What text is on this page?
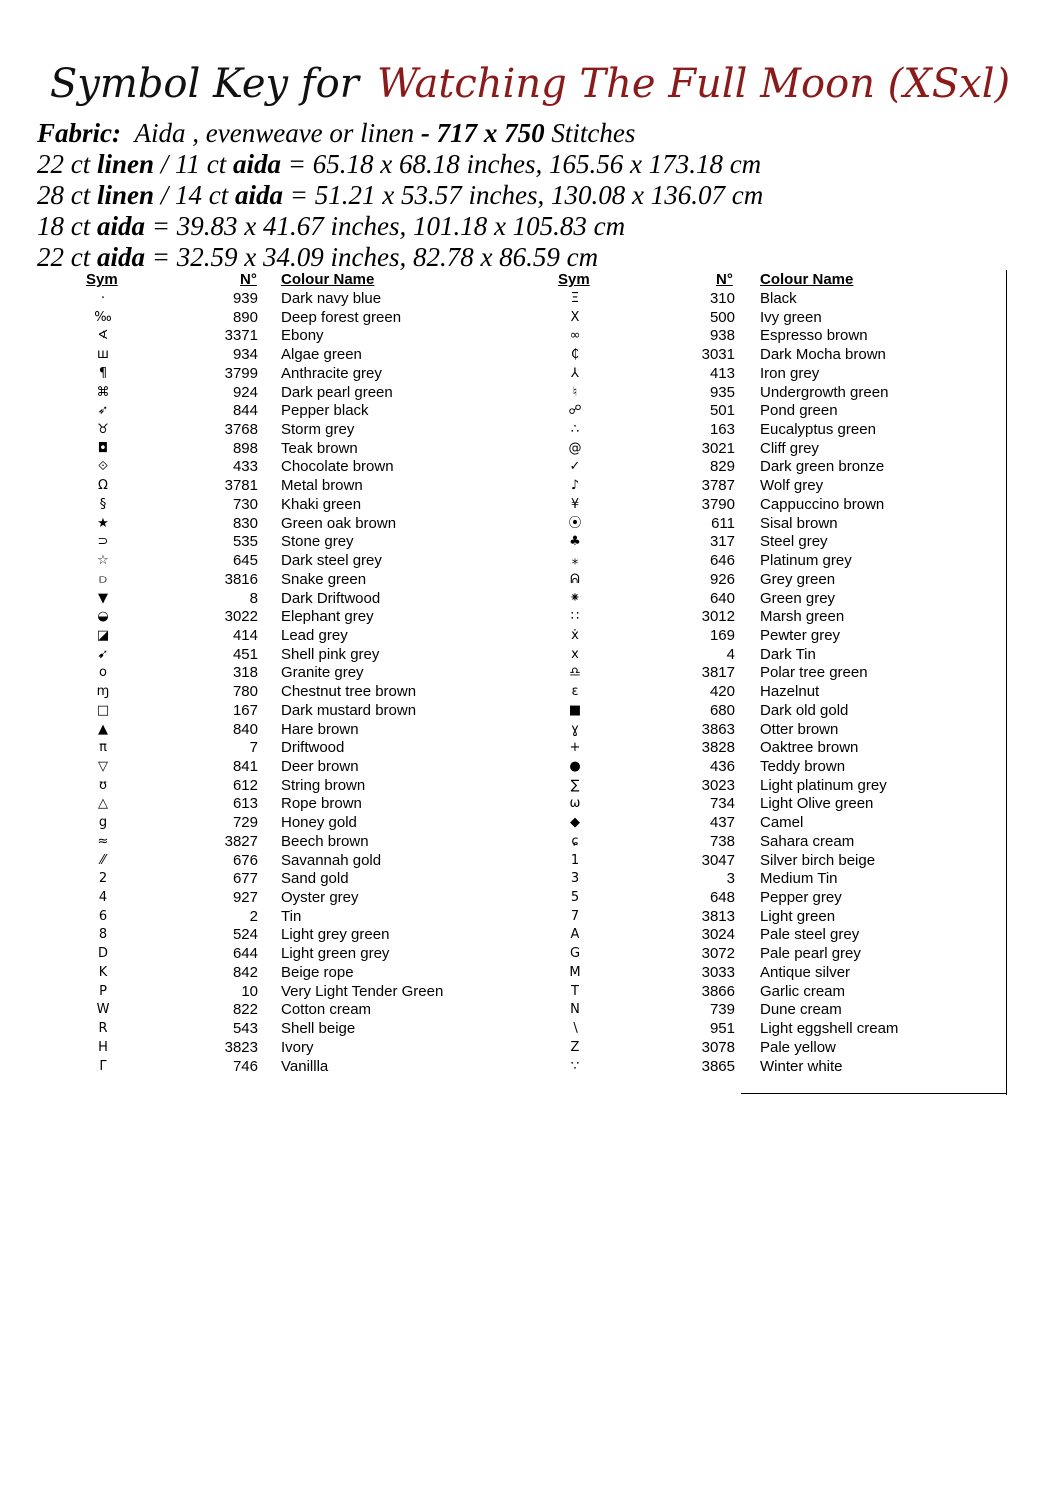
Symbol Key for Watching The Full Moon (XSxl)
Fabric: Aida , evenweave or linen - 717 x 750 Stitches
22 ct linen / 11 ct aida = 65.18 x 68.18 inches, 165.56 x 173.18 cm
28 ct linen / 14 ct aida = 51.21 x 53.57 inches, 130.08 x 136.07 cm
18 ct aida = 39.83 x 41.67 inches, 101.18 x 105.83 cm
22 ct aida = 32.59 x 34.09 inches, 82.78 x 86.59 cm
Sym	N° Colour Name	Sym	N° Colour Name
·	939 Dark navy blue
‰	890 Deep forest green
∢	3371 Ebony
ш	934 Algae green
¶	3799 Anthracite grey
⌘	924 Dark pearl green
➶	844 Pepper black
♉	3768 Storm grey
◘	898 Teak brown
⟐	433 Chocolate brown
Ω	3781 Metal brown
§	730 Khaki green
★	830 Green oak brown
⊃	535 Stone grey
☆	645 Dark steel grey
⫐	3816 Snake green
▼	8 Dark Driftwood
◒	3022 Elephant grey
◪	414 Lead grey
➹	451 Shell pink grey
o	318 Granite grey
ɱ	780 Chestnut tree brown
□	167 Dark mustard brown
▲	840 Hare brown
π	7 Driftwood
▽	841 Deer brown
ʊ	612 String brown
△	613 Rope brown
g	729 Honey gold
≈	3827 Beech brown
⁄⁄	676 Savannah gold
2	677 Sand gold
4	927 Oyster grey
6	2 Tin
8	524 Light grey green
D	644 Light green grey
K	842 Beige rope
P	10 Very Light Tender Green
W	822 Cotton cream
R	543 Shell beige
H	3823 Ivory
Γ	746 Vanillla
Ξ	310 Black
Ⅹ	500 Ivy green
∞	938 Espresso brown
₵	3031 Dark Mocha brown
⅄	413 Iron grey
♮	935 Undergrowth green
☍	501 Pond green
∴	163 Eucalyptus green
@	3021 Cliff grey
✓	829 Dark green bronze
♪	3787 Wolf grey
¥	3790 Cappuccino brown
⦿	611 Sisal brown
♣	317 Steel grey
⁎	646 Platinum grey
ᕱ	926 Grey green
⁕	640 Green grey
∷	3012 Marsh green
ẋ	169 Pewter grey
x	4 Dark Tin
♎	3817 Polar tree green
ɛ	420 Hazelnut
■	680 Dark old gold
ɣ	3863 Otter brown
+	3828 Oaktree brown
●	436 Teddy brown
∑	3023 Light platinum grey
ω	734 Light Olive green
◆	437 Camel
ɕ	738 Sahara cream
1	3047 Silver birch beige
3	3 Medium Tin
5	648 Pepper grey
7	3813 Light green
A	3024 Pale steel grey
G	3072 Pale pearl grey
M	3033 Antique silver
T	3866 Garlic cream
N	739 Dune cream
∖	951 Light eggshell cream
Z	3078 Pale yellow
∵	3865 Winter white
